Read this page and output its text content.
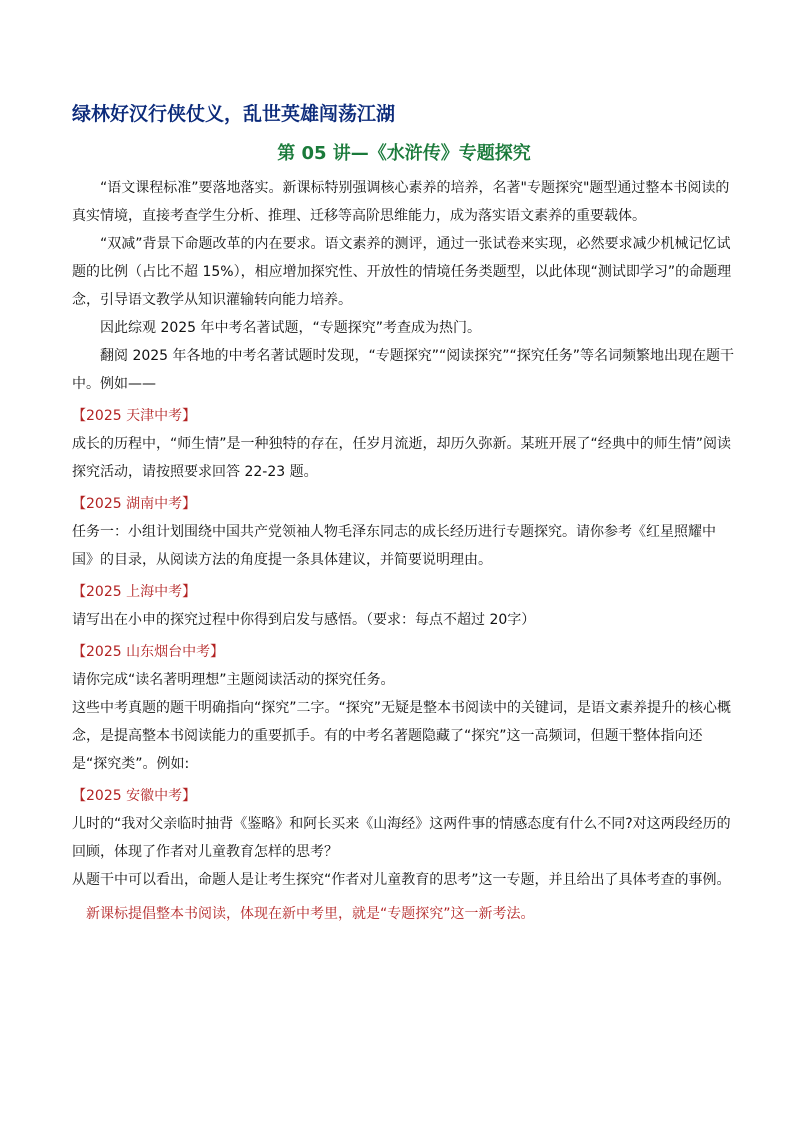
绿林好汉行侠仗义，乱世英雄闯荡江湖
第 05 讲—《水浒传》专题探究

“语文课程标准”要落地落实。新课标特别强调核心素养的培养，名著"专题探究"题型通过整本书阅读的真实情境，直接考查学生分析、推理、迁移等高阶思维能力，成为落实语文素养的重要载体。

“双减”背景下命题改革的内在要求。语文素养的测评，通过一张试卷来实现，必然要求减少机械记忆试题的比例（占比不超 15%），相应增加探究性、开放性的情境任务类题型，以此体现“测试即学习”的命题理念，引导语文教学从知识灌输转向能力培养。

因此综观 2025 年中考名著试题，“专题探究”考查成为热门。

翻阅 2025 年各地的中考名著试题时发现，“专题探究”“阅读探究”“探究任务”等名词频繁地出现在题干中。例如——

【2025 天津中考】

成长的历程中，“师生情”是一种独特的存在，任岁月流逝，却历久弥新。某班开展了“经典中的师生情”阅读探究活动，请按照要求回答 22-23 题。

【2025 湖南中考】

任务一：小组计划围绕中国共产党领袖人物毛泽东同志的成长经历进行专题探究。请你参考《红星照耀中国》的目录，从阅读方法的角度提一条具体建议，并简要说明理由。

【2025 上海中考】

请写出在小申的探究过程中你得到启发与感悟。（要求：每点不超过 20字）

【2025 山东烟台中考】

请你完成“读名著明理想”主题阅读活动的探究任务。

这些中考真题的题干明确指向“探究”二字。“探究”无疑是整本书阅读中的关键词，是语文素养提升的核心概念，是提高整本书阅读能力的重要抓手。有的中考名著题隐藏了“探究”这一高频词，但题干整体指向还是“探究类”。例如:

【2025 安徽中考】

儿时的“我对父亲临时抽背《鉴略》和阿长买来《山海经》这两件事的情感态度有什么不同?对这两段经历的回顾，体现了作者对儿童教育怎样的思考？

从题干中可以看出，命题人是让考生探究“作者对儿童教育的思考”这一专题，并且给出了具体考查的事例。

新课标提倡整本书阅读，体现在新中考里，就是“专题探究”这一新考法。
